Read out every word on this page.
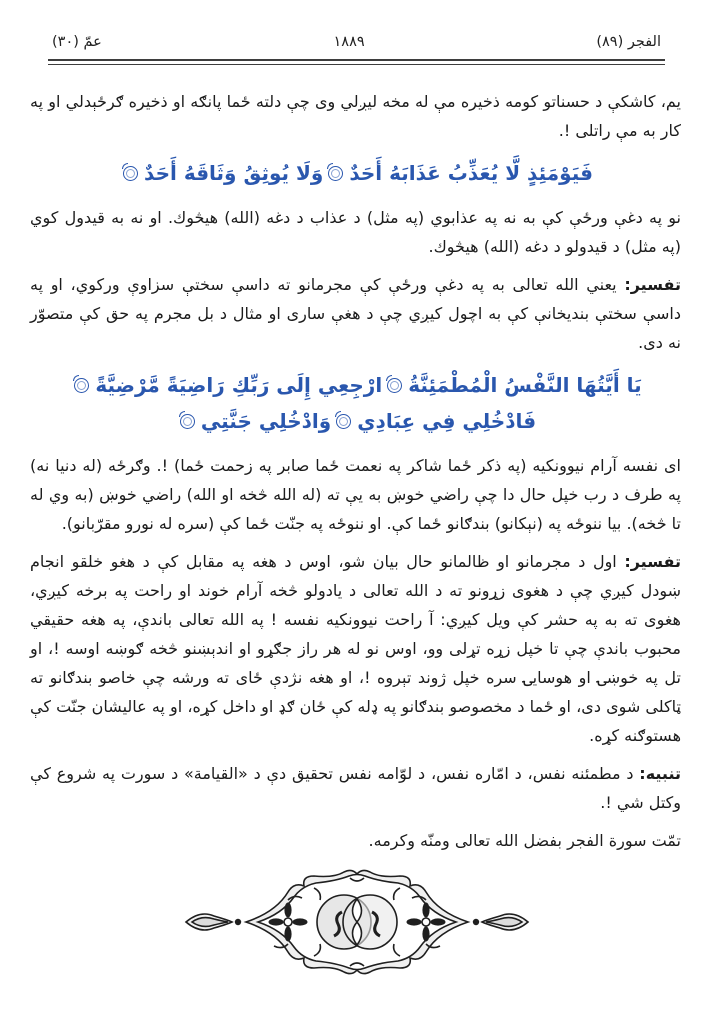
الفجر (٨٩)
١٨٨٩
عمّ (٣٠)

يم، كاشكې د حسناتو كومه ذخيره مې له مخه ليږلي وى چې دلته ځما پانګه او ذخيره ګرځېدلي او په كار به مې راتلى !.

فَيَوْمَئِذٍ لَّا يُعَذِّبُ عَذَابَهُ أَحَدٌوَلَا يُوثِقُ وَثَاقَهُ أَحَدٌ

نو په دغې ورځې كې به نه په عذابوي (په مثل) د عذاب د دغه (الله) هيڅوك. او نه به قيدول كوي (په مثل) د قيدولو د دغه (الله) هيڅوك.

تفسير: يعني الله تعالى به په دغې ورځې كې مجرمانو ته داسې سختې سزاوې وركوي، او په داسې سختې بنديخانې كې به اچول كيږي چې د هغې سارى او مثال د بل مجرم په حق كې متصوّر نه دى.

يَا أَيَّتُهَا النَّفْسُ الْمُطْمَئِنَّةُارْجِعِي إِلَى رَبِّكِ رَاضِيَةً مَّرْضِيَّةًفَادْخُلِي فِي عِبَادِيوَادْخُلِي جَنَّتِي

اى نفسه آرام نيوونكيه (په ذكر ځما شاكر په نعمت ځما صابر په زحمت ځما) !. وګرځه (له دنيا نه) په طرف د رب خپل حال دا چې راضي خوښ به يې ته (له الله څخه او الله) راضي خوښ (به وي له تا څخه). بيا ننوځه په (نېكانو) بندګانو ځما كې. او ننوځه په جنّت ځما كې (سره له نورو مقرّبانو).

تفسير: اول د مجرمانو او ظالمانو حال بيان شو، اوس د هغه په مقابل كې د هغو خلقو انجام ښودل كيږي چې د هغوى زړونو ته د الله تعالى د يادولو څخه آرام خوند او راحت په برخه كيږي، هغوى ته به په حشر كې ويل كيږي: آ راحت نيوونكيه نفسه ! په الله تعالى باندې، په هغه حقيقي محبوب باندې چې تا خپل زړه تړلى وو، اوس نو له هر راز جګړو او اندېښنو څخه ګوښه اوسه !، او تل په خوښۍ او هوسايۍ سره خپل ژوند تېروه !، او هغه نژدې ځاى ته ورشه چې خاصو بندګانو ته ټاكلى شوى دى، او ځما د مخصوصو بندګانو په ډله كې ځان ګډ او داخل كړه، او په عاليشان جنّت كې هستوګنه كړه.

تنبيه: د مطمئنه نفس، د امّاره نفس، د لوّامه نفس تحقيق دې د «القيامة» د سورت په شروع كې وكتل شي !.

تمّت سورة الفجر بفضل الله تعالى ومنّه وكرمه.
